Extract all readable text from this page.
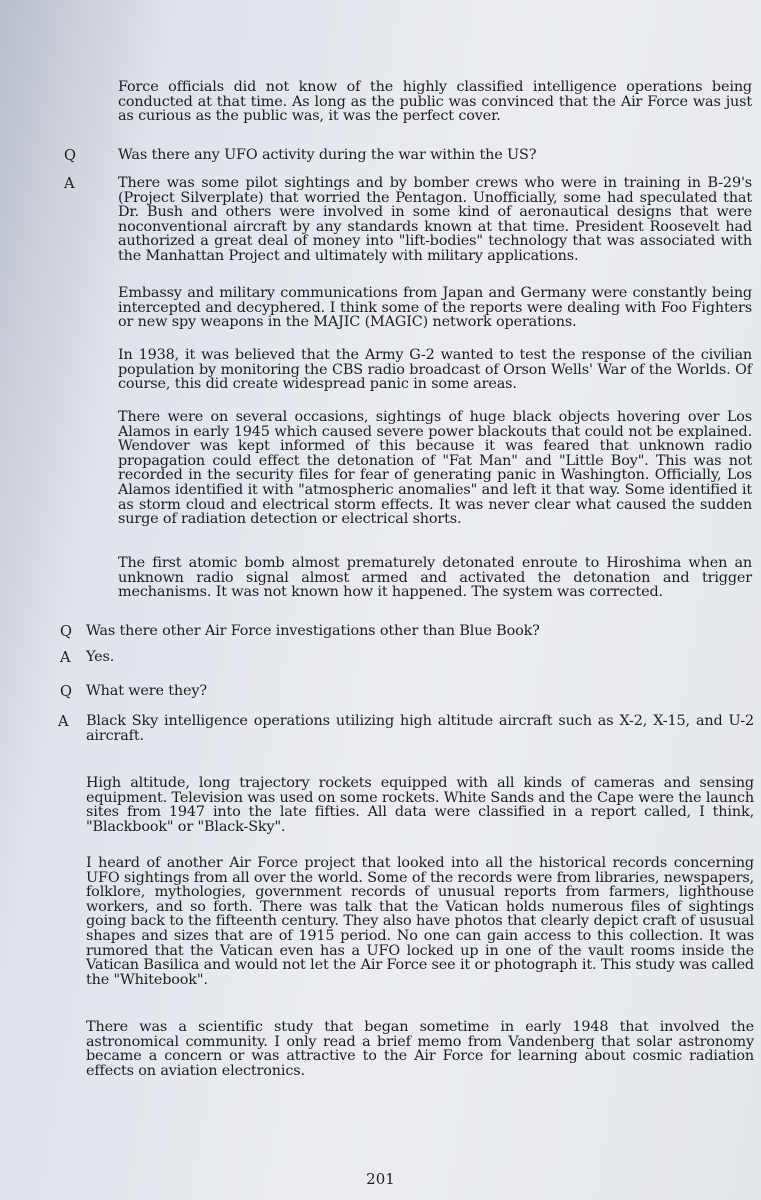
Force officials did not know of the highly classified intelligence operations being conducted at that time. As long as the public was convinced that the Air Force was just as curious as the public was, it was the perfect cover.

Q	Was there any UFO activity during the war within the US?
A	There was some pilot sightings and by bomber crews who were in training in B-29's (Project Silverplate) that worried the Pentagon. Unofficially, some had speculated that Dr. Bush and others were involved in some kind of aeronautical designs that were noconventional aircraft by any standards known at that time. President Roosevelt had authorized a great deal of money into "lift-bodies" technology that was associated with the Manhattan Project and ultimately with military applications.

Embassy and military communications from Japan and Germany were constantly being intercepted and decyphered. I think some of the reports were dealing with Foo Fighters or new spy weapons in the MAJIC (MAGIC) network operations.

In 1938, it was believed that the Army G-2 wanted to test the response of the civilian population by monitoring the CBS radio broadcast of Orson Wells' War of the Worlds. Of course, this did create widespread panic in some areas.

There were on several occasions, sightings of huge black objects hovering over Los Alamos in early 1945 which caused severe power blackouts that could not be explained. Wendover was kept informed of this because it was feared that unknown radio propagation could effect the detonation of "Fat Man" and "Little Boy". This was not recorded in the security files for fear of generating panic in Washington. Officially, Los Alamos identified it with "atmospheric anomalies" and left it that way. Some identified it as storm cloud and electrical storm effects. It was never clear what caused the sudden surge of radiation detection or electrical shorts.

The first atomic bomb almost prematurely detonated enroute to Hiroshima when an unknown radio signal almost armed and activated the detonation and trigger mechanisms. It was not known how it happened. The system was corrected.

Q Was there other Air Force investigations other than Blue Book?
A Yes.
Q What were they?
A Black Sky intelligence operations utilizing high altitude aircraft such as X-2, X-15, and U-2 aircraft.

High altitude, long trajectory rockets equipped with all kinds of cameras and sensing equipment. Television was used on some rockets. White Sands and the Cape were the launch sites from 1947 into the late fifties. All data were classified in a report called, I think, "Blackbook" or "Black-Sky".

I heard of another Air Force project that looked into all the historical records concerning UFO sightings from all over the world. Some of the records were from libraries, newspapers, folklore, mythologies, government records of unusual reports from farmers, lighthouse workers, and so forth. There was talk that the Vatican holds numerous files of sightings going back to the fifteenth century. They also have photos that clearly depict craft of ususual shapes and sizes that are of 1915 period. No one can gain access to this collection. It was rumored that the Vatican even has a UFO locked up in one of the vault rooms inside the Vatican Basilica and would not let the Air Force see it or photograph it. This study was called the "Whitebook".

There was a scientific study that began sometime in early 1948 that involved the astronomical community. I only read a brief memo from Vandenberg that solar astronomy became a concern or was attractive to the Air Force for learning about cosmic radiation effects on aviation electronics.

201
